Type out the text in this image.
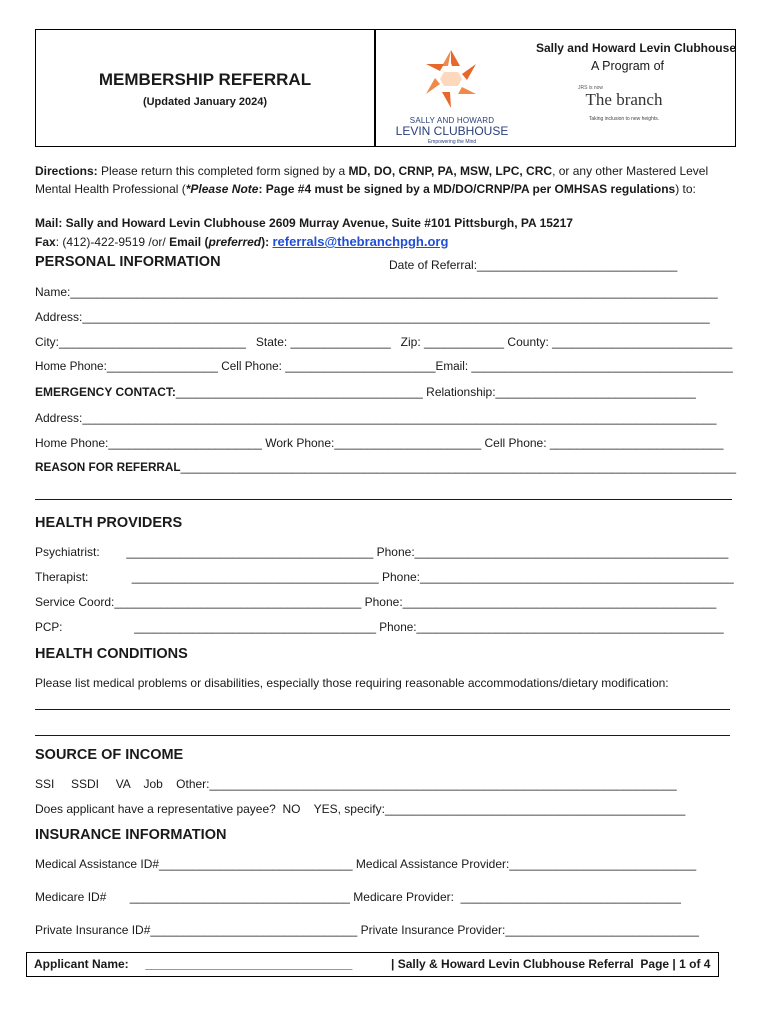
MEMBERSHIP REFERRAL
(Updated January 2024)
SALLY AND HOWARD
LEVIN CLUBHOUSE
Empowering the Mind
Sally and Howard Levin Clubhouse
A Program of
JRS is now
The branch
Taking inclusion to new heights.
Directions: Please return this completed form signed by a MD, DO, CRNP, PA, MSW, LPC, CRC, or any other Mastered Level Mental Health Professional (*Please Note: Page #4 must be signed by a MD/DO/CRNP/PA per OMHSAS regulations) to:
Mail: Sally and Howard Levin Clubhouse 2609 Murray Avenue, Suite #101 Pittsburgh, PA 15217
Fax: (412)-422-9519 /or/ Email (preferred): referrals@thebranchpgh.org
PERSONAL INFORMATION	Date of Referral:______________________________
Name:_________________________________________________________________________________________________
Address:______________________________________________________________________________________________
City:____________________________   State: _______________   Zip: ____________ County: ___________________________
Home Phone:_________________ Cell Phone: _______________________Email: ________________________________________
EMERGENCY CONTACT:_____________________________________ Relationship:______________________________
Address:_______________________________________________________________________________________________
Home Phone:_______________________ Work Phone:______________________ Cell Phone: __________________________
REASON FOR REFERRAL_____________________________________________________________________________________
HEALTH PROVIDERS
Psychiatrist:        _____________________________________ Phone:_______________________________________________
Therapist:             _____________________________________ Phone:_______________________________________________
Service Coord:_____________________________________ Phone:_______________________________________________
PCP:                      _____________________________________ Phone:_______________________________________________
HEALTH CONDITIONS
Please list medical problems or disabilities, especially those requiring reasonable accommodations/dietary modification:
SOURCE OF INCOME
SSI     SSDI     VA    Job    Other:______________________________________________________________________
Does applicant have a representative payee?  NO    YES, specify:_____________________________________________
INSURANCE INFORMATION
Medical Assistance ID#_____________________________ Medical Assistance Provider:____________________________
Medicare ID#       _________________________________ Medicare Provider:  _________________________________
Private Insurance ID#_______________________________ Private Insurance Provider:_____________________________
Applicant Name:     _______________________________	| Sally & Howard Levin Clubhouse Referral  Page | 1 of 4
